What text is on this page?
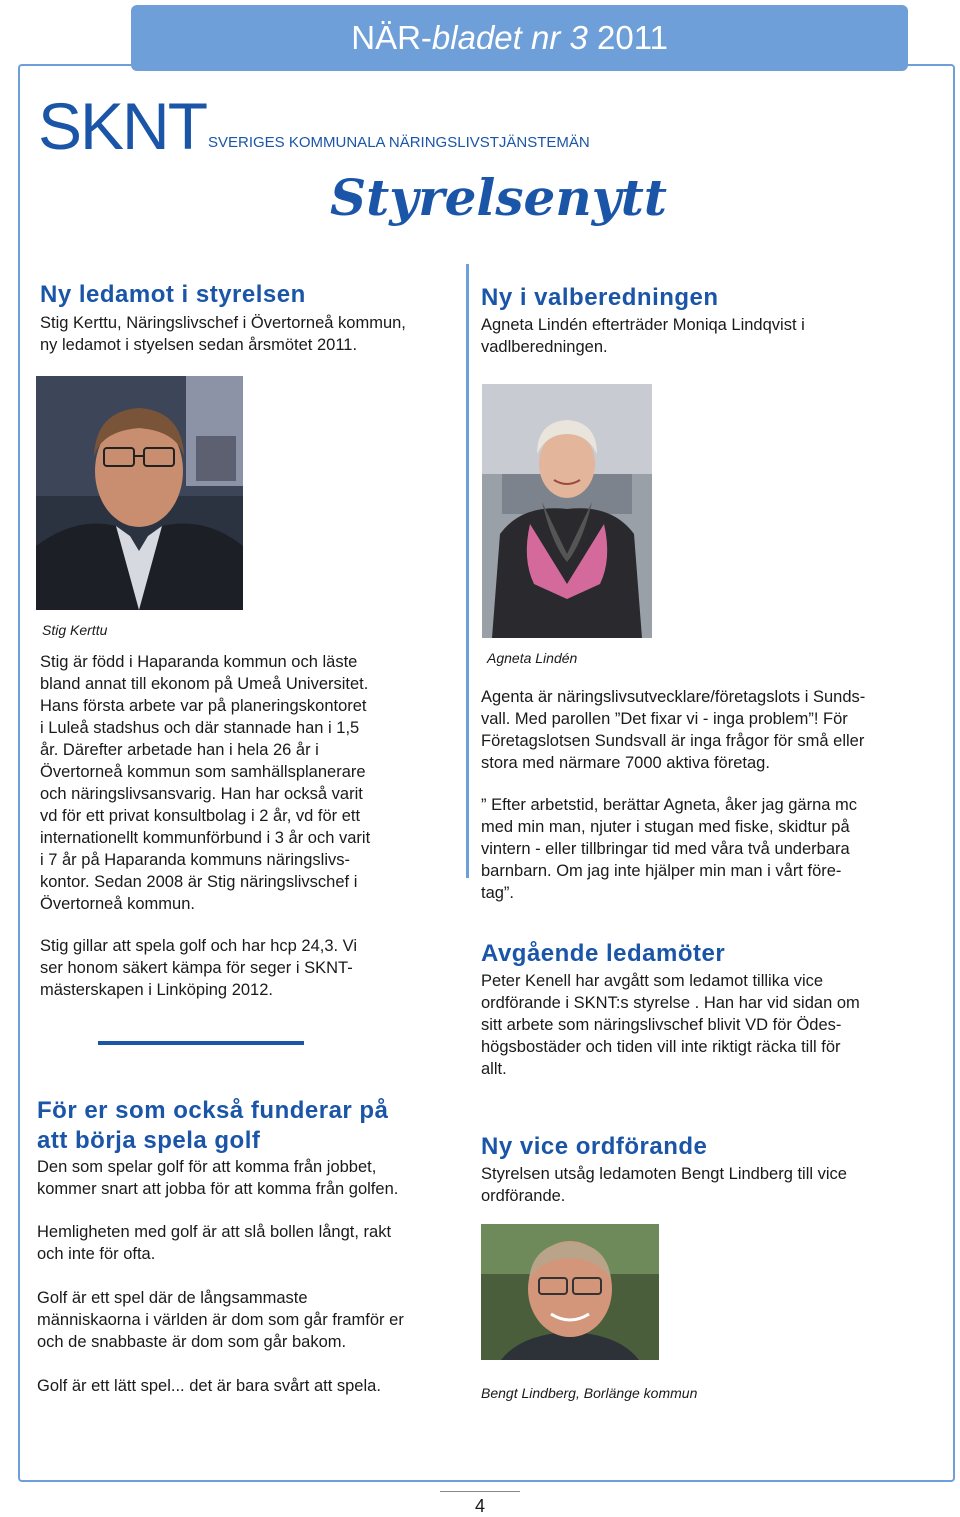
NÄR-bladet nr 3 2011
SKNT SVERIGES KOMMUNALA NÄRINGSLIVSTJÄNSTEMÄN
Styrelsenytt
Ny ledamot i styrelsen
Stig Kerttu, Näringslivschef i Övertorneå kommun,
ny ledamot i styelsen sedan årsmötet 2011.
Stig Kerttu
Stig är född i Haparanda kommun och läste
bland annat till ekonom på Umeå Universitet.
Hans första arbete var på planeringskontoret
i Luleå stadshus och där stannade han i 1,5
år. Därefter arbetade han i hela 26 år i
Övertorneå kommun som samhällsplanerare
och näringslivsansvarig. Han har också varit
vd för ett privat konsultbolag i 2 år, vd för ett
internationellt kommunförbund i 3 år och varit
i 7 år på Haparanda kommuns näringslivs-
kontor. Sedan 2008 är Stig näringslivschef i
Övertorneå kommun.
Stig gillar att spela golf och har hcp 24,3. Vi
ser honom säkert kämpa för seger i SKNT-
mästerskapen i Linköping 2012.
För er som också funderar på
att börja spela golf
Den som spelar golf för att komma från jobbet,
kommer snart att jobba för att komma från golfen.
Hemligheten med golf är att slå bollen långt, rakt
och inte för ofta.
Golf är ett spel där de långsammaste
människaorna i världen är dom som går framför er
och de snabbaste är dom som går bakom.
Golf är ett lätt spel... det är bara svårt att spela.
Ny i valberedningen
Agneta Lindén efterträder Moniqa Lindqvist i
vadlberedningen.
Agneta Lindén
Agenta är näringslivsutvecklare/företagslots i Sunds-
vall. Med parollen ”Det fixar vi - inga problem”! För
Företagslotsen Sundsvall är inga frågor för små eller
stora med närmare 7000 aktiva företag.
” Efter arbetstid, berättar Agneta, åker jag gärna mc
med min man, njuter i stugan med fiske, skidtur på
vintern - eller tillbringar tid med våra två underbara
barnbarn. Om jag inte hjälper min man i vårt före-
tag”.
Avgående ledamöter
Peter Kenell har avgått som ledamot tillika vice
ordförande i SKNT:s styrelse . Han har vid sidan om
sitt arbete som näringslivschef blivit VD för Ödes-
högsbostäder och tiden vill inte riktigt räcka till för
allt.
Ny vice ordförande
Styrelsen utsåg ledamoten Bengt Lindberg till vice
ordförande.
Bengt Lindberg, Borlänge kommun
4
